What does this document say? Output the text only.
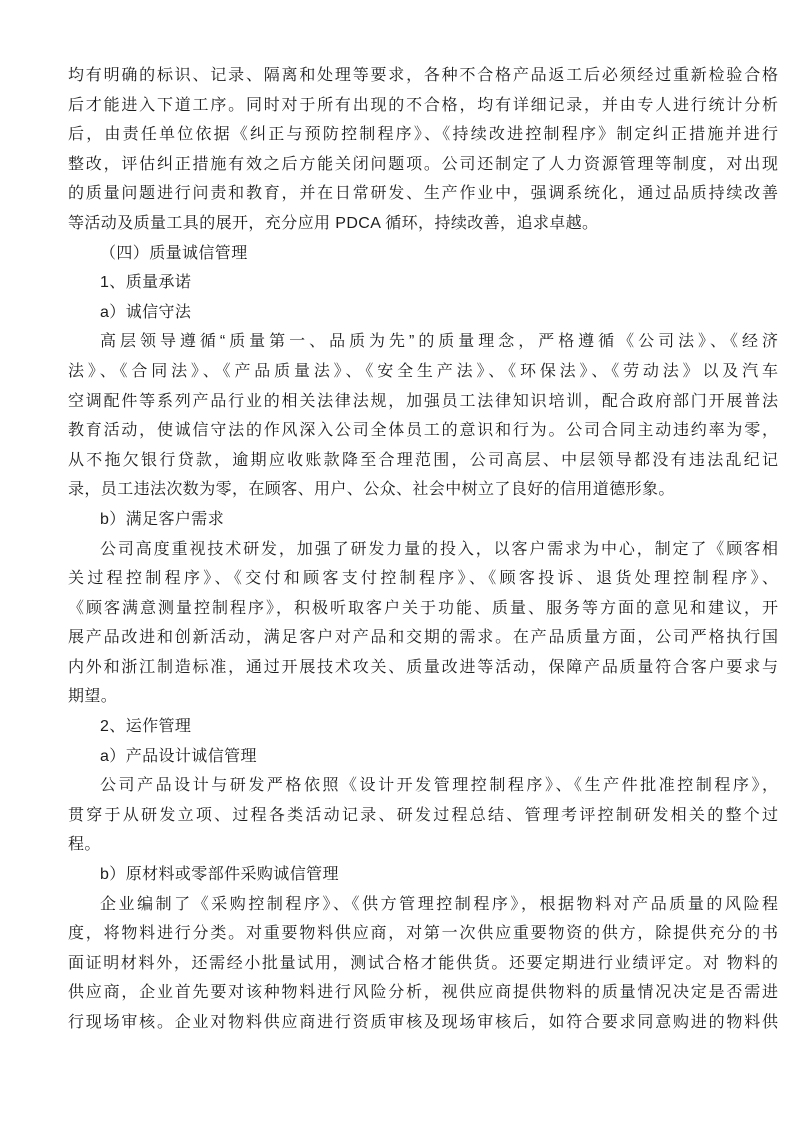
均有明确的标识、记录、隔离和处理等要求，各种不合格产品返工后必须经过重新检验合格
后才能进入下道工序。同时对于所有出现的不合格，均有详细记录，并由专人进行统计分析
后，由责任单位依据《纠正与预防控制程序》、《持续改进控制程序》制定纠正措施并进行
整改，评估纠正措施有效之后方能关闭问题项。公司还制定了人力资源管理等制度，对出现
的质量问题进行问责和教育，并在日常研发、生产作业中，强调系统化，通过品质持续改善
等活动及质量工具的展开，充分应用 PDCA 循环，持续改善，追求卓越。
（四）质量诚信管理
1、质量承诺
a）诚信守法
高层领导遵循“质量第一、品质为先”的质量理念，严格遵循《公司法》、《经济
法》、《合同法》、《产品质量法》、《安全生产法》、《环保法》、《劳动法》以及汽车
空调配件等系列产品行业的相关法律法规，加强员工法律知识培训，配合政府部门开展普法
教育活动，使诚信守法的作风深入公司全体员工的意识和行为。公司合同主动违约率为零，
从不拖欠银行贷款，逾期应收账款降至合理范围，公司高层、中层领导都没有违法乱纪记
录，员工违法次数为零，在顾客、用户、公众、社会中树立了良好的信用道德形象。
b）满足客户需求
公司高度重视技术研发，加强了研发力量的投入，以客户需求为中心，制定了《顾客相
关过程控制程序》、《交付和顾客支付控制程序》、《顾客投诉、退货处理控制程序》、
《顾客满意测量控制程序》，积极听取客户关于功能、质量、服务等方面的意见和建议，开
展产品改进和创新活动，满足客户对产品和交期的需求。在产品质量方面，公司严格执行国
内外和浙江制造标准，通过开展技术攻关、质量改进等活动，保障产品质量符合客户要求与
期望。
2、运作管理
a）产品设计诚信管理
公司产品设计与研发严格依照《设计开发管理控制程序》、《生产件批准控制程序》，
贯穿于从研发立项、过程各类活动记录、研发过程总结、管理考评控制研发相关的整个过
程。
b）原材料或零部件采购诚信管理
企业编制了《采购控制程序》、《供方管理控制程序》，根据物料对产品质量的风险程
度，将物料进行分类。对重要物料供应商，对第一次供应重要物资的供方，除提供充分的书
面证明材料外，还需经小批量试用，测试合格才能供货。还要定期进行业绩评定。对 物料的
供应商，企业首先要对该种物料进行风险分析，视供应商提供物料的质量情况决定是否需进
行现场审核。企业对物料供应商进行资质审核及现场审核后，如符合要求同意购进的物料供
